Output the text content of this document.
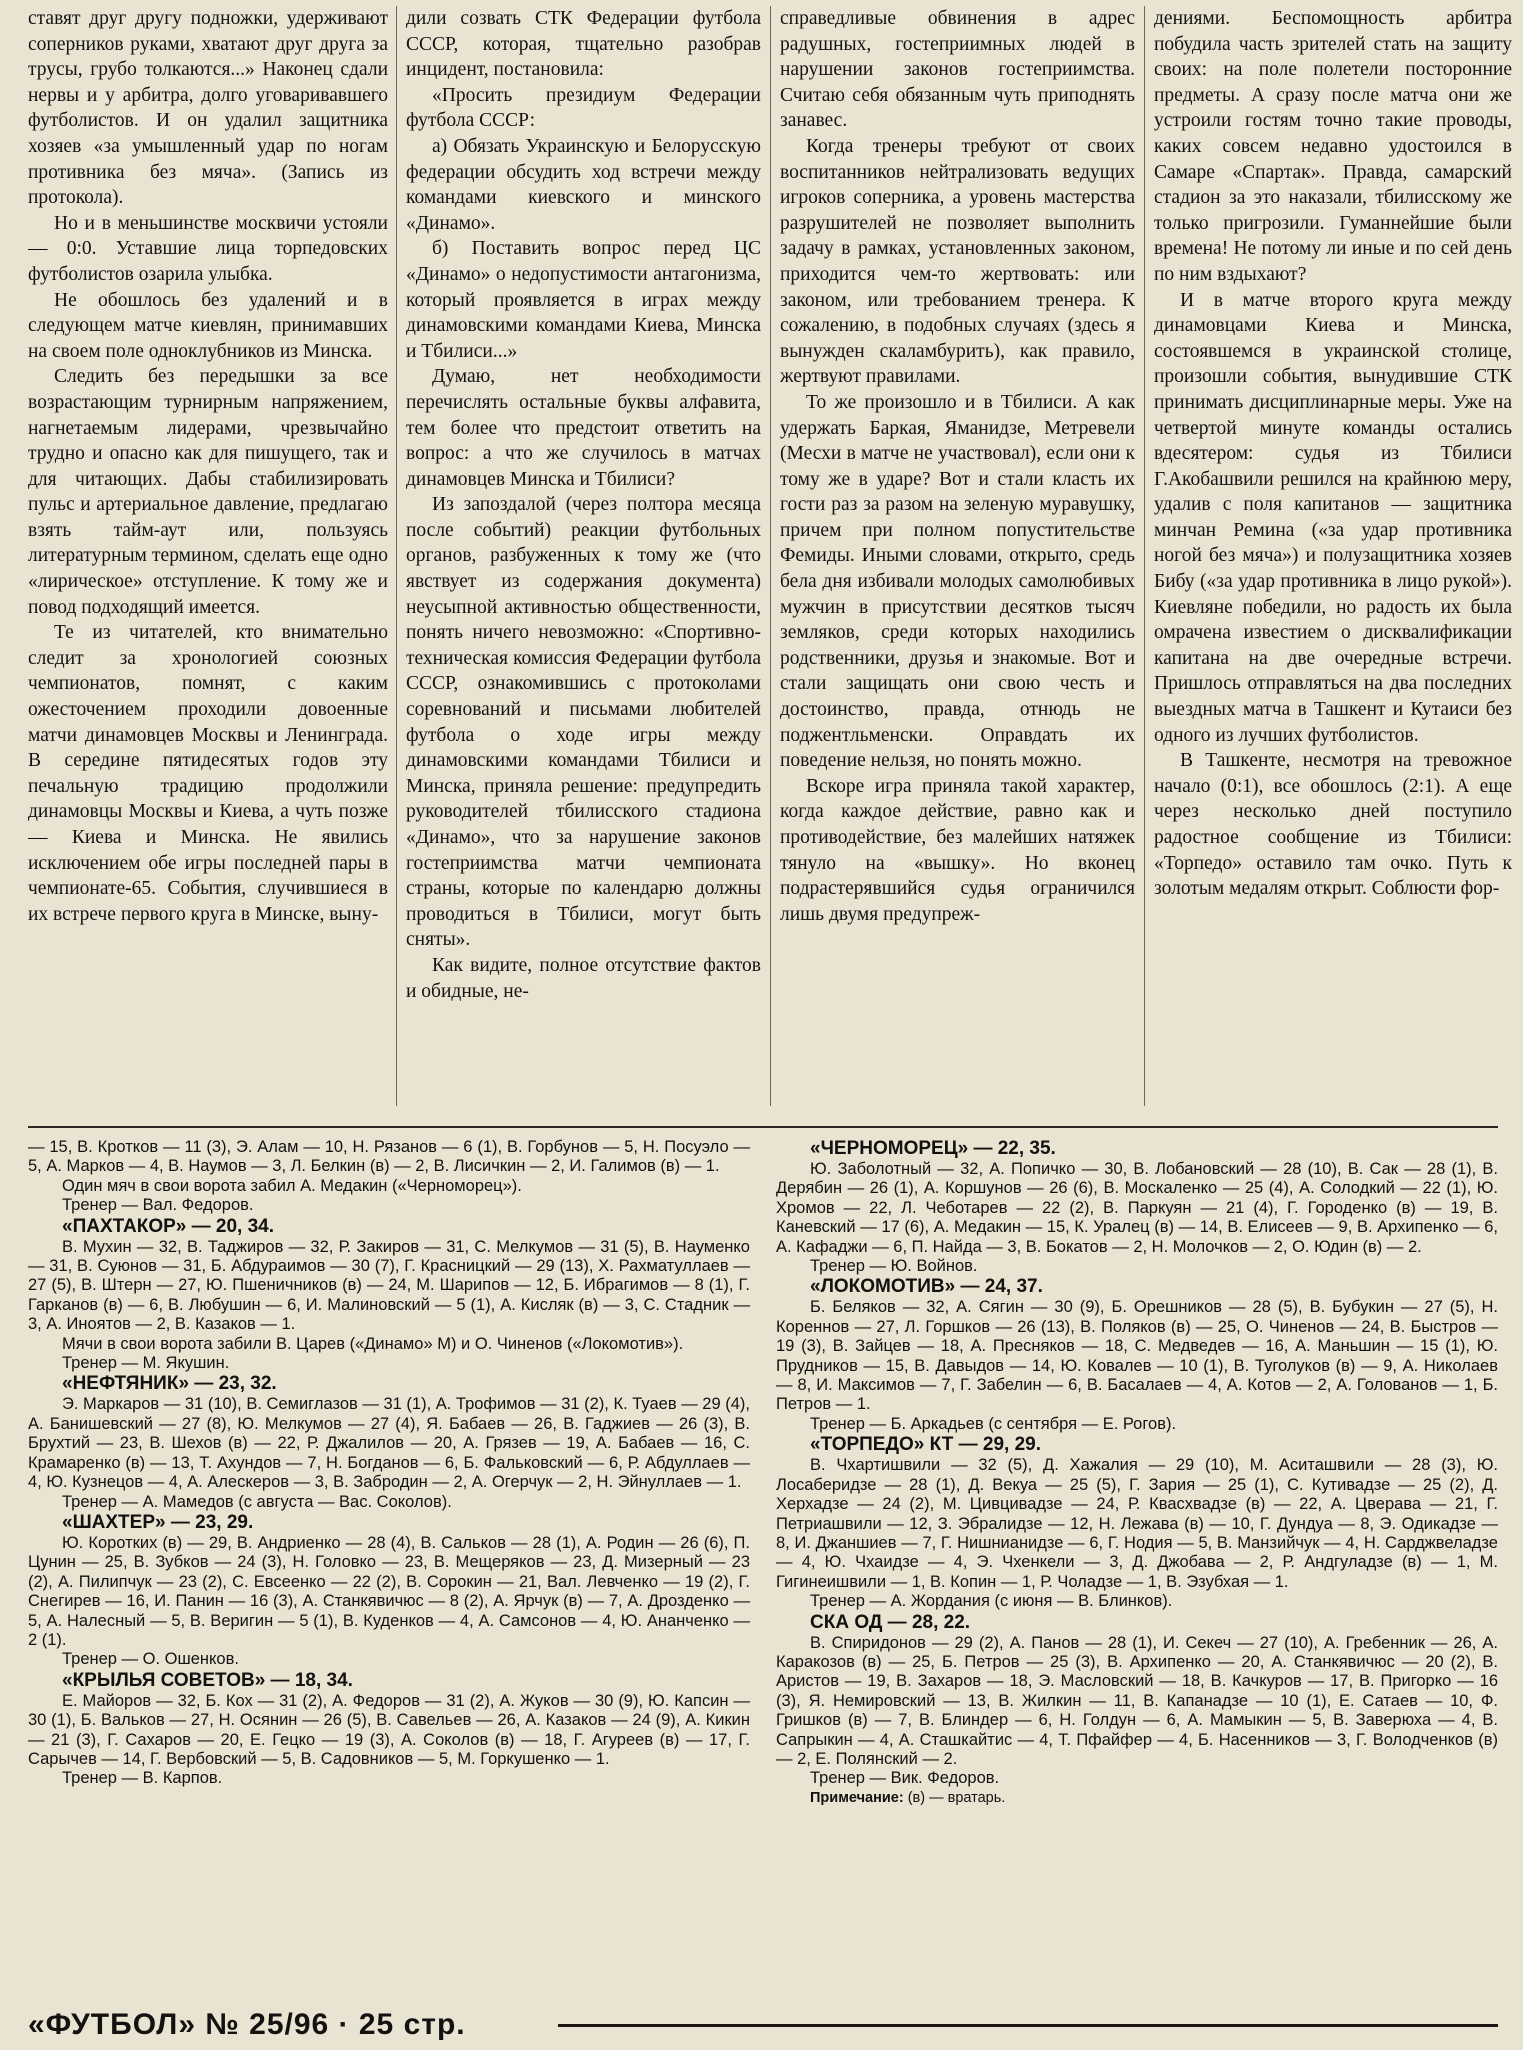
ставят друг другу подножки, удерживают соперников руками, хватают друг друга за трусы, грубо толкаются...» Наконец сдали нервы и у арбитра, долго уговаривавшего футболистов. И он удалил защитника хозяев «за умышленный удар по ногам противника без мяча». (Запись из протокола).

Но и в меньшинстве москвичи устояли — 0:0. Уставшие лица торпедовских футболистов озарила улыбка.

Не обошлось без удалений и в следующем матче киевлян, принимавших на своем поле одноклубников из Минска.

Следить без передышки за все возрастающим турнирным напряжением, нагнетаемым лидерами, чрезвычайно трудно и опасно как для пишущего, так и для читающих. Дабы стабилизировать пульс и артериальное давление, предлагаю взять тайм-аут или, пользуясь литературным термином, сделать еще одно «лирическое» отступление. К тому же и повод подходящий имеется.

Те из читателей, кто внимательно следит за хронологией союзных чемпионатов, помнят, с каким ожесточением проходили довоенные матчи динамовцев Москвы и Ленинграда. В середине пятидесятых годов эту печальную традицию продолжили динамовцы Москвы и Киева, а чуть позже — Киева и Минска. Не явились исключением обе игры последней пары в чемпионате-65. События, случившиеся в их встрече первого круга в Минске, выну-

дили созвать СТК Федерации футбола СССР, которая, тщательно разобрав инцидент, постановила:

«Просить президиум Федерации футбола СССР:

а) Обязать Украинскую и Белорусскую федерации обсудить ход встречи между командами киевского и минского «Динамо».

б) Поставить вопрос перед ЦС «Динамо» о недопустимости антагонизма, который проявляется в играх между динамовскими командами Киева, Минска и Тбилиси...»

Думаю, нет необходимости перечислять остальные буквы алфавита, тем более что предстоит ответить на вопрос: а что же случилось в матчах динамовцев Минска и Тбилиси?

Из запоздалой (через полтора месяца после событий) реакции футбольных органов, разбуженных к тому же (что явствует из содержания документа) неусыпной активностью общественности, понять ничего невозможно: «Спортивно-техническая комиссия Федерации футбола СССР, ознакомившись с протоколами соревнований и письмами любителей футбола о ходе игры между динамовскими командами Тбилиси и Минска, приняла решение: предупредить руководителей тбилисского стадиона «Динамо», что за нарушение законов гостеприимства матчи чемпионата страны, которые по календарю должны проводиться в Тбилиси, могут быть сняты».

Как видите, полное отсутствие фактов и обидные, не-

справедливые обвинения в адрес радушных, гостеприимных людей в нарушении законов гостеприимства. Считаю себя обязанным чуть приподнять занавес.

Когда тренеры требуют от своих воспитанников нейтрализовать ведущих игроков соперника, а уровень мастерства разрушителей не позволяет выполнить задачу в рамках, установленных законом, приходится чем-то жертвовать: или законом, или требованием тренера. К сожалению, в подобных случаях (здесь я вынужден скаламбурить), как правило, жертвуют правилами.

То же произошло и в Тбилиси. А как удержать Баркая, Яманидзе, Метревели (Месхи в матче не участвовал), если они к тому же в ударе? Вот и стали класть их гости раз за разом на зеленую муравушку, причем при полном попустительстве Фемиды. Иными словами, открыто, средь бела дня избивали молодых самолюбивых мужчин в присутствии десятков тысяч земляков, среди которых находились родственники, друзья и знакомые. Вот и стали защищать они свою честь и достоинство, правда, отнюдь не поджентльменски. Оправдать их поведение нельзя, но понять можно.

Вскоре игра приняла такой характер, когда каждое действие, равно как и противодействие, без малейших натяжек тянуло на «вышку». Но вконец подрастерявшийся судья ограничился лишь двумя предупреж-

дениями. Беспомощность арбитра побудила часть зрителей стать на защиту своих: на поле полетели посторонние предметы. А сразу после матча они же устроили гостям точно такие проводы, каких совсем недавно удостоился в Самаре «Спартак». Правда, самарский стадион за это наказали, тбилисскому же только пригрозили. Гуманнейшие были времена! Не потому ли иные и по сей день по ним вздыхают?

И в матче второго круга между динамовцами Киева и Минска, состоявшемся в украинской столице, произошли события, вынудившие СТК принимать дисциплинарные меры. Уже на четвертой минуте команды остались вдесятером: судья из Тбилиси Г.Акобашвили решился на крайнюю меру, удалив с поля капитанов — защитника минчан Ремина («за удар противника ногой без мяча») и полузащитника хозяев Бибу («за удар противника в лицо рукой»). Киевляне победили, но радость их была омрачена известием о дисквалификации капитана на две очередные встречи. Пришлось отправляться на два последних выездных матча в Ташкент и Кутаиси без одного из лучших футболистов.

В Ташкенте, несмотря на тревожное начало (0:1), все обошлось (2:1). А еще через несколько дней поступило радостное сообщение из Тбилиси: «Торпедо» оставило там очко. Путь к золотым медалям открыт. Соблюсти фор-

— 15, В. Кротков — 11 (3), Э. Алам — 10, Н. Рязанов — 6 (1), В. Горбунов — 5, Н. Посуэло — 5, А. Марков — 4, В. Наумов — 3, Л. Белкин (в) — 2, В. Лисичкин — 2, И. Галимов (в) — 1.

Один мяч в свои ворота забил А. Медакин («Черноморец»).

Тренер — Вал. Федоров.

«ПАХТАКОР» — 20, 34.

В. Мухин — 32, В. Таджиров — 32, Р. Закиров — 31, С. Мелкумов — 31 (5), В. Науменко — 31, В. Суюнов — 31, Б. Абдураимов — 30 (7), Г. Красницкий — 29 (13), Х. Рахматуллаев — 27 (5), В. Штерн — 27, Ю. Пшеничников (в) — 24, М. Шарипов — 12, Б. Ибрагимов — 8 (1), Г. Гарканов (в) — 6, В. Любушин — 6, И. Малиновский — 5 (1), А. Кисляк (в) — 3, С. Стадник — 3, А. Иноятов — 2, В. Казаков — 1.

Мячи в свои ворота забили В. Царев («Динамо» М) и О. Чиненов («Локомотив»).

Тренер — М. Якушин.

«НЕФТЯНИК» — 23, 32.

Э. Маркаров — 31 (10), В. Семиглазов — 31 (1), А. Трофимов — 31 (2), К. Туаев — 29 (4), А. Банишевский — 27 (8), Ю. Мелкумов — 27 (4), Я. Бабаев — 26, В. Гаджиев — 26 (3), В. Брухтий — 23, В. Шехов (в) — 22, Р. Джалилов — 20, А. Грязев — 19, А. Бабаев — 16, С. Крамаренко (в) — 13, Т. Ахундов — 7, Н. Богданов — 6, Б. Фальковский — 6, Р. Абдуллаев — 4, Ю. Кузнецов — 4, А. Алескеров — 3, В. Забродин — 2, А. Огерчук — 2, Н. Эйнуллаев — 1.

Тренер — А. Мамедов (с августа — Вас. Соколов).

«ШАХТЕР» — 23, 29.

Ю. Коротких (в) — 29, В. Андриенко — 28 (4), В. Сальков — 28 (1), А. Родин — 26 (6), П. Цунин — 25, В. Зубков — 24 (3), Н. Головко — 23, В. Мещеряков — 23, Д. Мизерный — 23 (2), А. Пилипчук — 23 (2), С. Евсеенко — 22 (2), В. Сорокин — 21, Вал. Левченко — 19 (2), Г. Снегирев — 16, И. Панин — 16 (3), А. Станкявичюс — 8 (2), А. Ярчук (в) — 7, А. Дрозденко — 5, А. Налесный — 5, В. Веригин — 5 (1), В. Куденков — 4, А. Самсонов — 4, Ю. Ананченко — 2 (1).

Тренер — О. Ошенков.

«КРЫЛЬЯ СОВЕТОВ» — 18, 34.

Е. Майоров — 32, Б. Кох — 31 (2), А. Федоров — 31 (2), А. Жуков — 30 (9), Ю. Капсин — 30 (1), Б. Вальков — 27, Н. Осянин — 26 (5), В. Савельев — 26, А. Казаков — 24 (9), А. Кикин — 21 (3), Г. Сахаров — 20, Е. Гецко — 19 (3), А. Соколов (в) — 18, Г. Агуреев (в) — 17, Г. Сарычев — 14, Г. Вербовский — 5, В. Садовников — 5, М. Горкушенко — 1.

Тренер — В. Карпов.

«ЧЕРНОМОРЕЦ» — 22, 35.

Ю. Заболотный — 32, А. Попичко — 30, В. Лобановский — 28 (10), В. Сак — 28 (1), В. Дерябин — 26 (1), А. Коршунов — 26 (6), В. Москаленко — 25 (4), А. Солодкий — 22 (1), Ю. Хромов — 22, Л. Чеботарев — 22 (2), В. Паркуян — 21 (4), Г. Городенко (в) — 19, В. Каневский — 17 (6), А. Медакин — 15, К. Уралец (в) — 14, В. Елисеев — 9, В. Архипенко — 6, А. Кафаджи — 6, П. Найда — 3, В. Бокатов — 2, Н. Молочков — 2, О. Юдин (в) — 2.

Тренер — Ю. Войнов.

«ЛОКОМОТИВ» — 24, 37.

Б. Беляков — 32, А. Сягин — 30 (9), Б. Орешников — 28 (5), В. Бубукин — 27 (5), Н. Кореннов — 27, Л. Горшков — 26 (13), В. Поляков (в) — 25, О. Чиненов — 24, В. Быстров — 19 (3), В. Зайцев — 18, А. Пресняков — 18, С. Медведев — 16, А. Маньшин — 15 (1), Ю. Прудников — 15, В. Давыдов — 14, Ю. Ковалев — 10 (1), В. Туголуков (в) — 9, А. Николаев — 8, И. Максимов — 7, Г. Забелин — 6, В. Басалаев — 4, А. Котов — 2, А. Голованов — 1, Б. Петров — 1.

Тренер — Б. Аркадьев (с сентября — Е. Рогов).

«ТОРПЕДО» КТ — 29, 29.

В. Чхартишвили — 32 (5), Д. Хажалия — 29 (10), М. Аситашвили — 28 (3), Ю. Лосаберидзе — 28 (1), Д. Векуа — 25 (5), Г. Зария — 25 (1), С. Кутивадзе — 25 (2), Д. Херхадзе — 24 (2), М. Цивцивадзе — 24, Р. Квасхвадзе (в) — 22, А. Цверава — 21, Г. Петриашвили — 12, З. Эбралидзе — 12, Н. Лежава (в) — 10, Г. Дундуа — 8, Э. Одикадзе — 8, И. Джаншиев — 7, Г. Нишнианидзе — 6, Г. Нодия — 5, В. Манзийчук — 4, Н. Сарджвеладзе — 4, Ю. Чхаидзе — 4, Э. Чхенкели — 3, Д. Джобава — 2, Р. Андгуладзе (в) — 1, М. Гигинеишвили — 1, В. Копин — 1, Р. Чоладзе — 1, В. Эзубхая — 1.

Тренер — А. Жордания (с июня — В. Блинков).

СКА ОД — 28, 22.

В. Спиридонов — 29 (2), А. Панов — 28 (1), И. Секеч — 27 (10), А. Гребенник — 26, А. Каракозов (в) — 25, Б. Петров — 25 (3), В. Архипенко — 20, А. Станкявичюс — 20 (2), В. Аристов — 19, В. Захаров — 18, Э. Масловский — 18, В. Качкуров — 17, В. Пригорко — 16 (3), Я. Немировский — 13, В. Жилкин — 11, В. Капанадзе — 10 (1), Е. Сатаев — 10, Ф. Гришков (в) — 7, В. Блиндер — 6, Н. Голдун — 6, А. Мамыкин — 5, В. Заверюха — 4, В. Сапрыкин — 4, А. Сташкайтис — 4, Т. Пфайфер — 4, Б. Насенников — 3, Г. Володченков (в) — 2, Е. Полянский — 2.

Тренер — Вик. Федоров.

Примечание: (в) — вратарь.

«ФУТБОЛ» № 25/96 · 25 стр.
